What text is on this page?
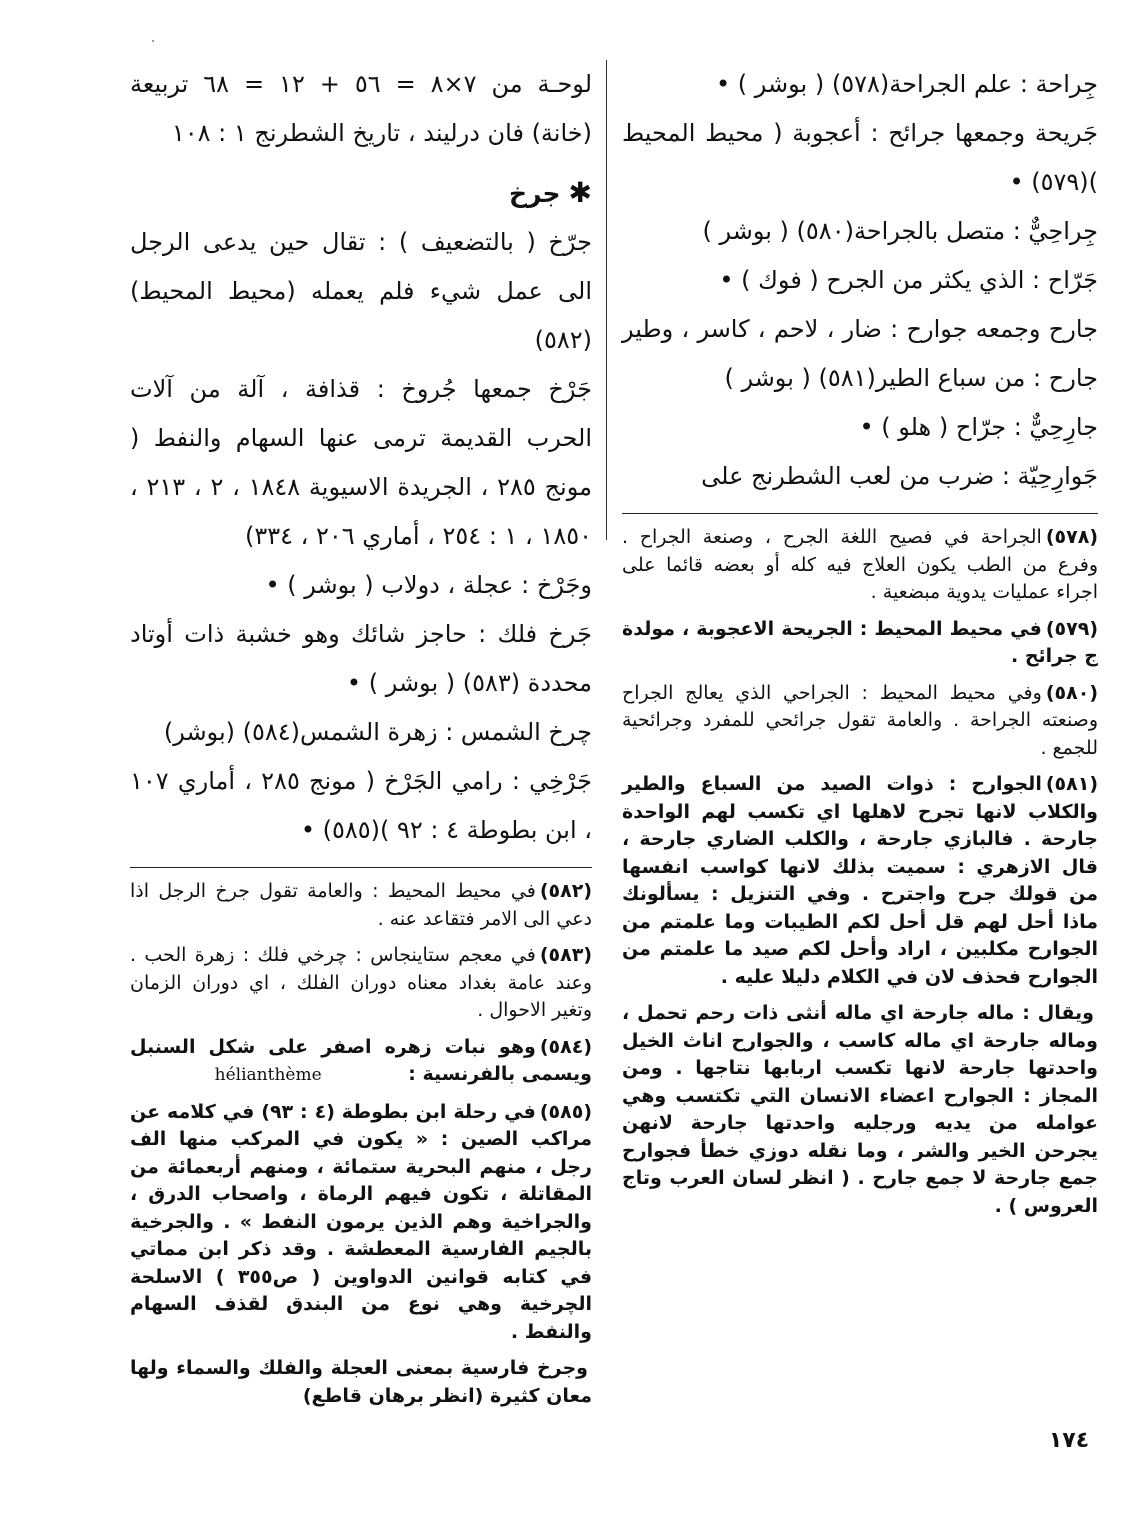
جِراحة : علم الجراحة(٥٧٨) ( بوشر ) •

جَريحة وجمعها جرائح : أعجوبة ( محيط المحيط )(٥٧٩) •

جِراحِيٌّ : متصل بالجراحة(٥٨٠) ( بوشر )

جَرّاح : الذي يكثر من الجرح ( فوك ) •

جارح وجمعه جوارح : ضار ، لاحم ، كاسر ، وطير جارح : من سباع الطير(٥٨١) ( بوشر )

جارِحِيٌّ : جرّاح ( هلو ) •

جَوارِحِيّة : ضرب من لعب الشطرنج على

(٥٧٨)الجراحة في فصيح اللغة الجرح ، وصنعة الجراح . وفرع من الطب يكون العلاج فيه كله أو بعضه قائما على اجراء عمليات يدوية مبضعية .
(٥٧٩)في محيط المحيط : الجريحة الاعجوبة ، مولدة ج جرائح .
(٥٨٠)وفي محيط المحيط : الجراحي الذي يعالج الجراح وصنعته الجراحة . والعامة تقول جرائحي للمفرد وجرائحية للجمع .
(٥٨١)الجوارح : ذوات الصيد من السباع والطير والكلاب لانها تجرح لاهلها اي تكسب لهم الواحدة جارحة . فالبازي جارحة ، والكلب الضاري جارحة ، قال الازهري : سميت بذلك لانها كواسب انفسها من قولك جرح واجترح . وفي التنزيل : يسألونك ماذا أحل لهم قل أحل لكم الطيبات وما علمتم من الجوارح مكلبين ، اراد وأحل لكم صيد ما علمتم من الجوارح فحذف لان في الكلام دليلا عليه .
ويقال : ماله جارحة اي ماله أنثى ذات رحم تحمل ، وماله جارحة اي ماله كاسب ، والجوارح اناث الخيل واحدتها جارحة لانها تكسب اربابها نتاجها . ومن المجاز : الجوارح اعضاء الانسان التي تكتسب وهي عوامله من يديه ورجليه واحدتها جارحة لانهن يجرحن الخير والشر ، وما نقله دوزي خطأ فجوارح جمع جارحة لا جمع جارح . ( انظر لسان العرب وتاج العروس ) .

لوحـة من ٧×٨ = ٥٦ + ١٢ = ٦٨ تربيعة (خانة) فان درليند ، تاريخ الشطرنج ١ : ١٠٨

✱جرخ

جرّخ ( بالتضعيف ) : تقال حين يدعى الرجل الى عمل شيء فلم يعمله (محيط المحيط) (٥٨٢)

جَرْخ جمعها جُروخ : قذافة ، آلة من آلات الحرب القديمة ترمى عنها السهام والنفط ( مونج ٢٨٥ ، الجريدة الاسيوية ١٨٤٨ ، ٢ ، ٢١٣ ، ١٨٥٠ ، ١ : ٢٥٤ ، أماري ٢٠٦ ، ٣٣٤)

وجَرْخ : عجلة ، دولاب ( بوشر ) •

جَرخ فلك : حاجز شائك وهو خشبة ذات أوتاد محددة (٥٨٣) ( بوشر ) •

چرخ الشمس : زهرة الشمس(٥٨٤) (بوشر)

جَرْخِي : رامي الجَرْخ ( مونج ٢٨٥ ، أماري ١٠٧ ، ابن بطوطة ٤ : ٩٢ )(٥٨٥) •

(٥٨٢)في محيط المحيط : والعامة تقول جرخ الرجل اذا دعي الى الامر فتقاعد عنه .
(٥٨٣)في معجم ستاينجاس : چرخي فلك : زهرة الحب . وعند عامة بغداد معناه دوران الفلك ، اي دوران الزمان وتغير الاحوال .
(٥٨٤)وهو نبات زهره اصفر على شكل السنبل ويسمى بالفرنسية : hélianthème
(٥٨٥)في رحلة ابن بطوطة (٤ : ٩٣) في كلامه عن مراكب الصين : « يكون في المركب منها الف رجل ، منهم البحرية ستمائة ، ومنهم أربعمائة من المقاتلة ، تكون فيهم الرماة ، واصحاب الدرق ، والجراخية وهم الذين يرمون النفط » . والجرخية بالجيم الفارسية المعطشة . وقد ذكر ابن مماتي في كتابه قوانين الدواوين ( ص٣٥٥ ) الاسلحة الچرخية وهي نوع من البندق لقذف السهام والنفط .
وجرخ فارسية بمعنى العجلة والفلك والسماء ولها معان كثيرة (انظر برهان قاطع)
١٧٤
